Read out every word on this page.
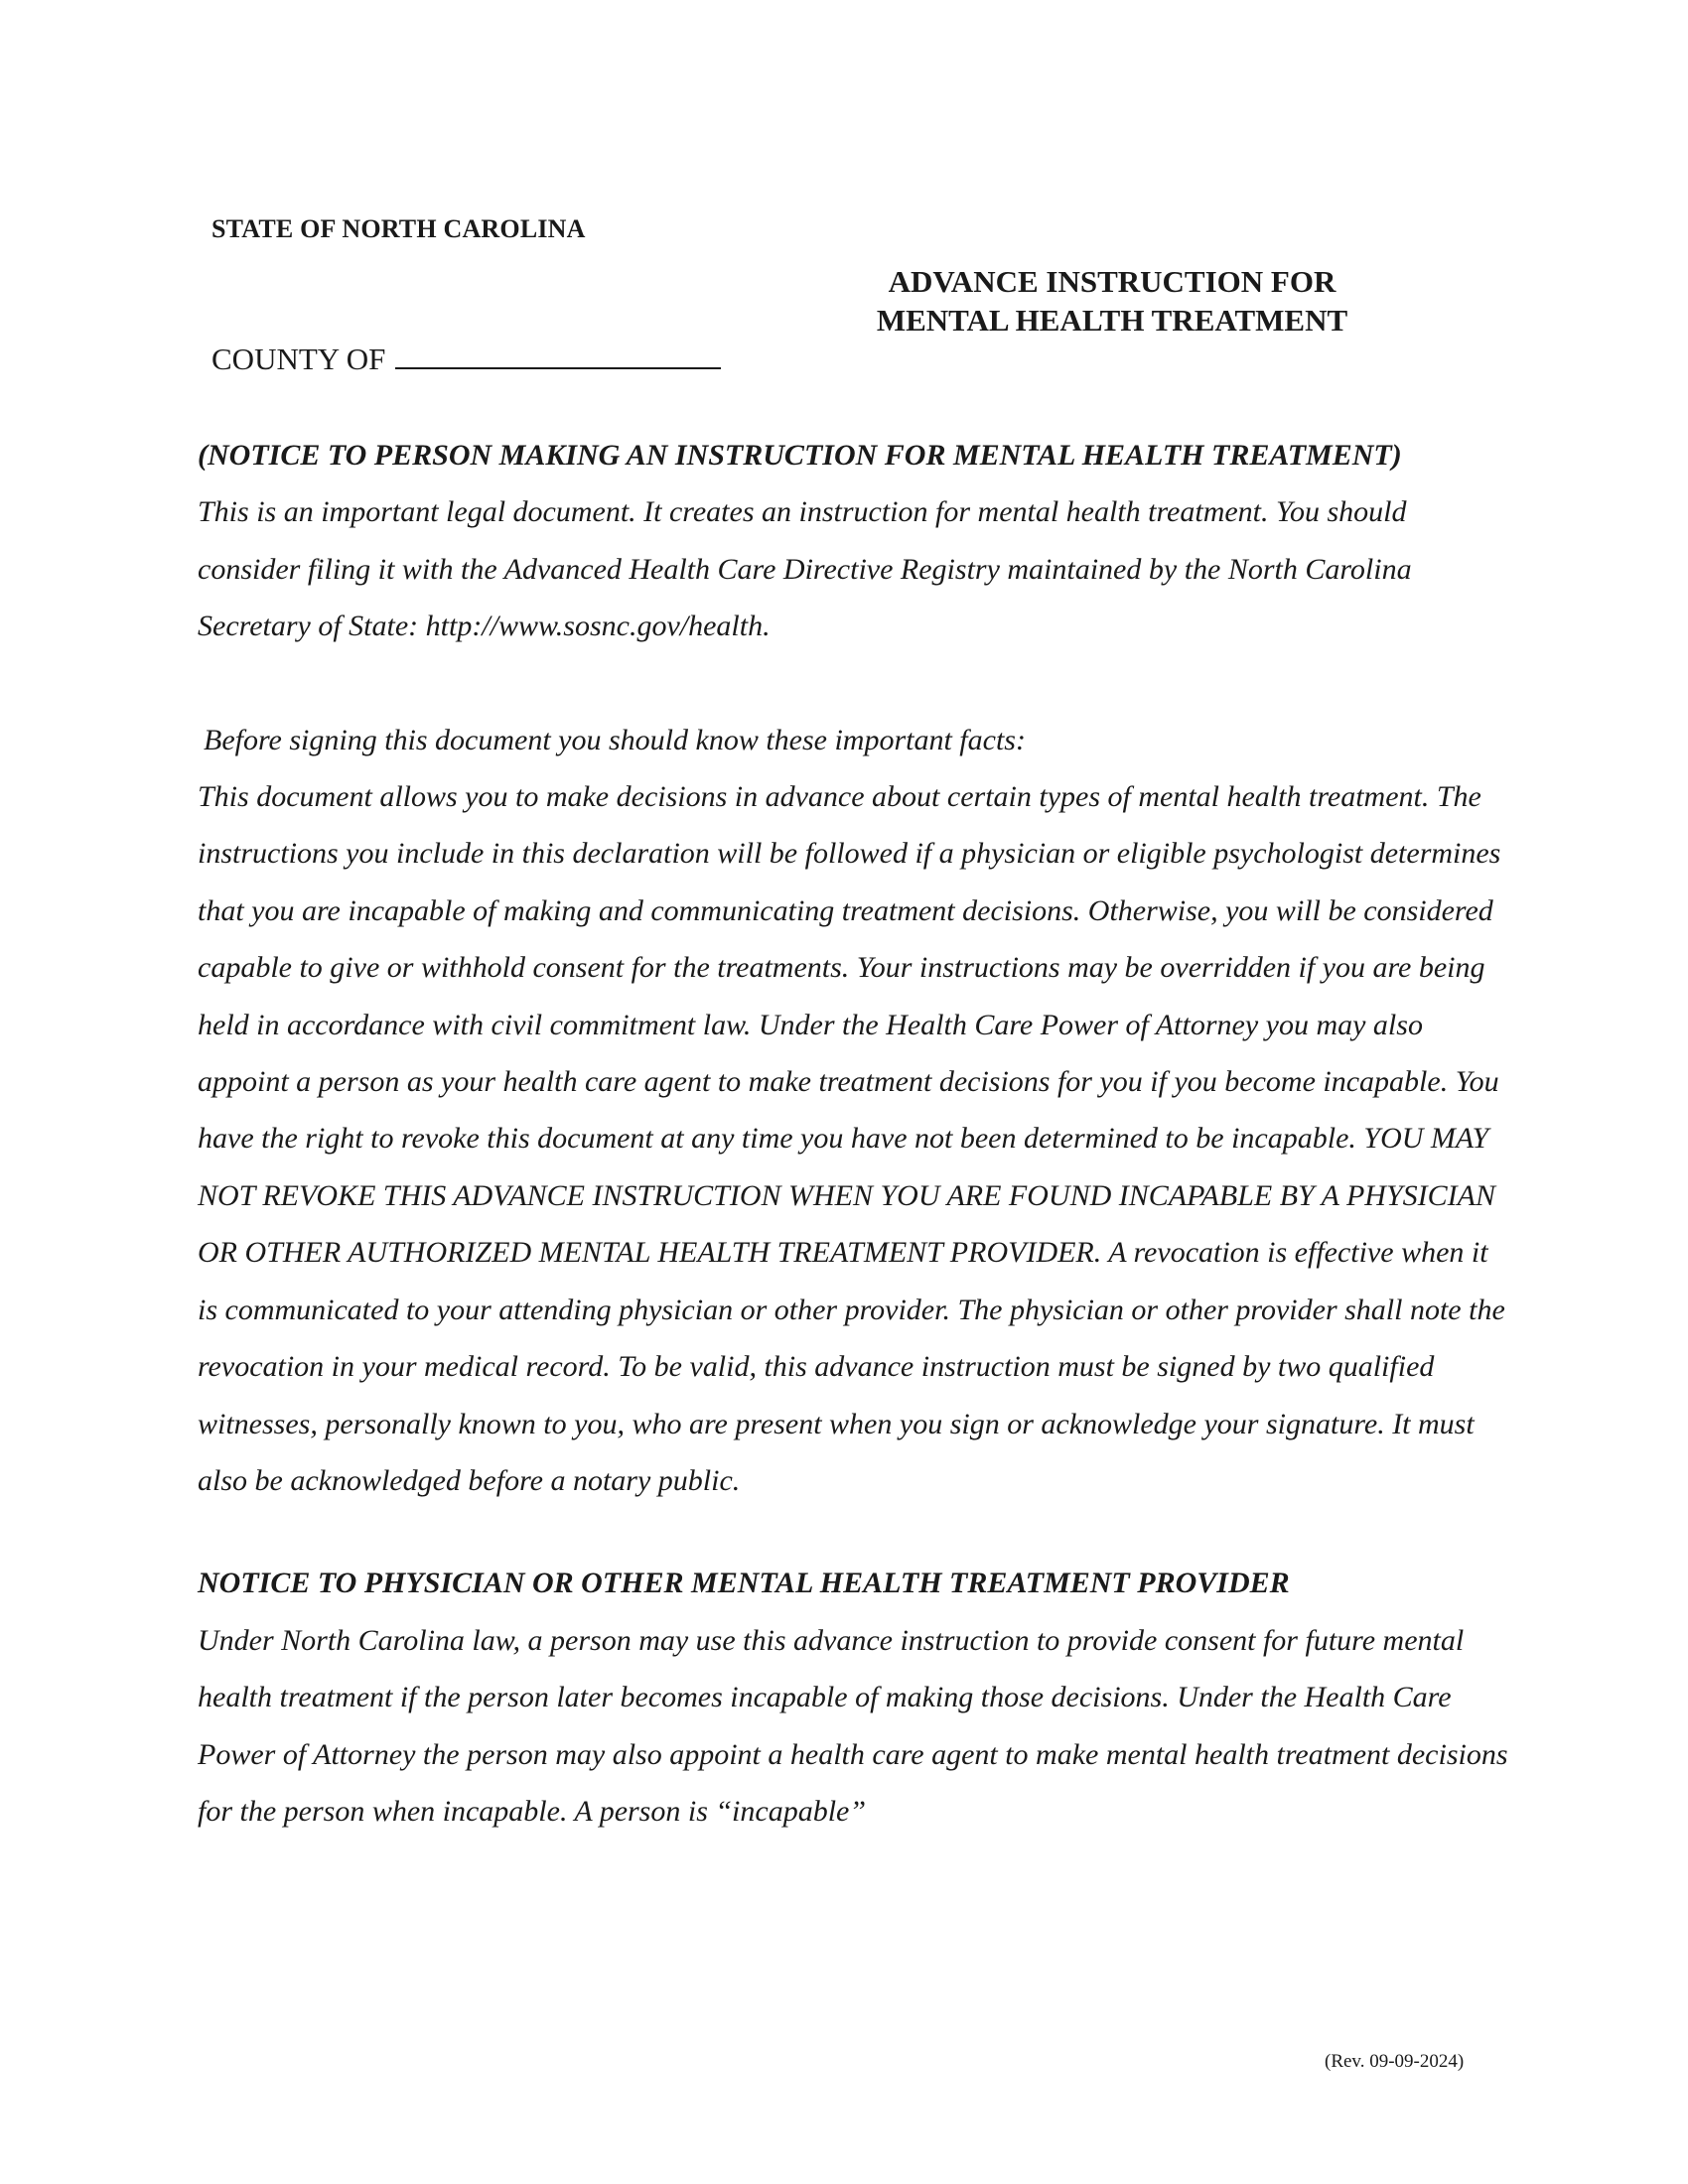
STATE OF NORTH CAROLINA
ADVANCE INSTRUCTION FOR
MENTAL HEALTH TREATMENT
COUNTY OF

(NOTICE TO PERSON MAKING AN INSTRUCTION FOR MENTAL HEALTH TREATMENT)

This is an important legal document. It creates an instruction for mental health treatment. You should consider filing it with the Advanced Health Care Directive Registry maintained by the North Carolina Secretary of State: http://www.sosnc.gov/health.

Before signing this document you should know these important facts:

This document allows you to make decisions in advance about certain types of mental health treatment. The instructions you include in this declaration will be followed if a physician or eligible psychologist determines that you are incapable of making and communicating treatment decisions. Otherwise, you will be considered capable to give or withhold consent for the treatments. Your instructions may be overridden if you are being held in accordance with civil commitment law. Under the Health Care Power of Attorney you may also appoint a person as your health care agent to make treatment decisions for you if you become incapable. You have the right to revoke this document at any time you have not been determined to be incapable. YOU MAY NOT REVOKE THIS ADVANCE INSTRUCTION WHEN YOU ARE FOUND INCAPABLE BY A PHYSICIAN OR OTHER AUTHORIZED MENTAL HEALTH TREATMENT PROVIDER. A revocation is effective when it is communicated to your attending physician or other provider. The physician or other provider shall note the revocation in your medical record. To be valid, this advance instruction must be signed by two qualified witnesses, personally known to you, who are present when you sign or acknowledge your signature. It must also be acknowledged before a notary public.

NOTICE TO PHYSICIAN OR OTHER MENTAL HEALTH TREATMENT PROVIDER

Under North Carolina law, a person may use this advance instruction to provide consent for future mental health treatment if the person later becomes incapable of making those decisions. Under the Health Care Power of Attorney the person may also appoint a health care agent to make mental health treatment decisions for the person when incapable. A person is “incapable”

(Rev. 09-09-2024)
